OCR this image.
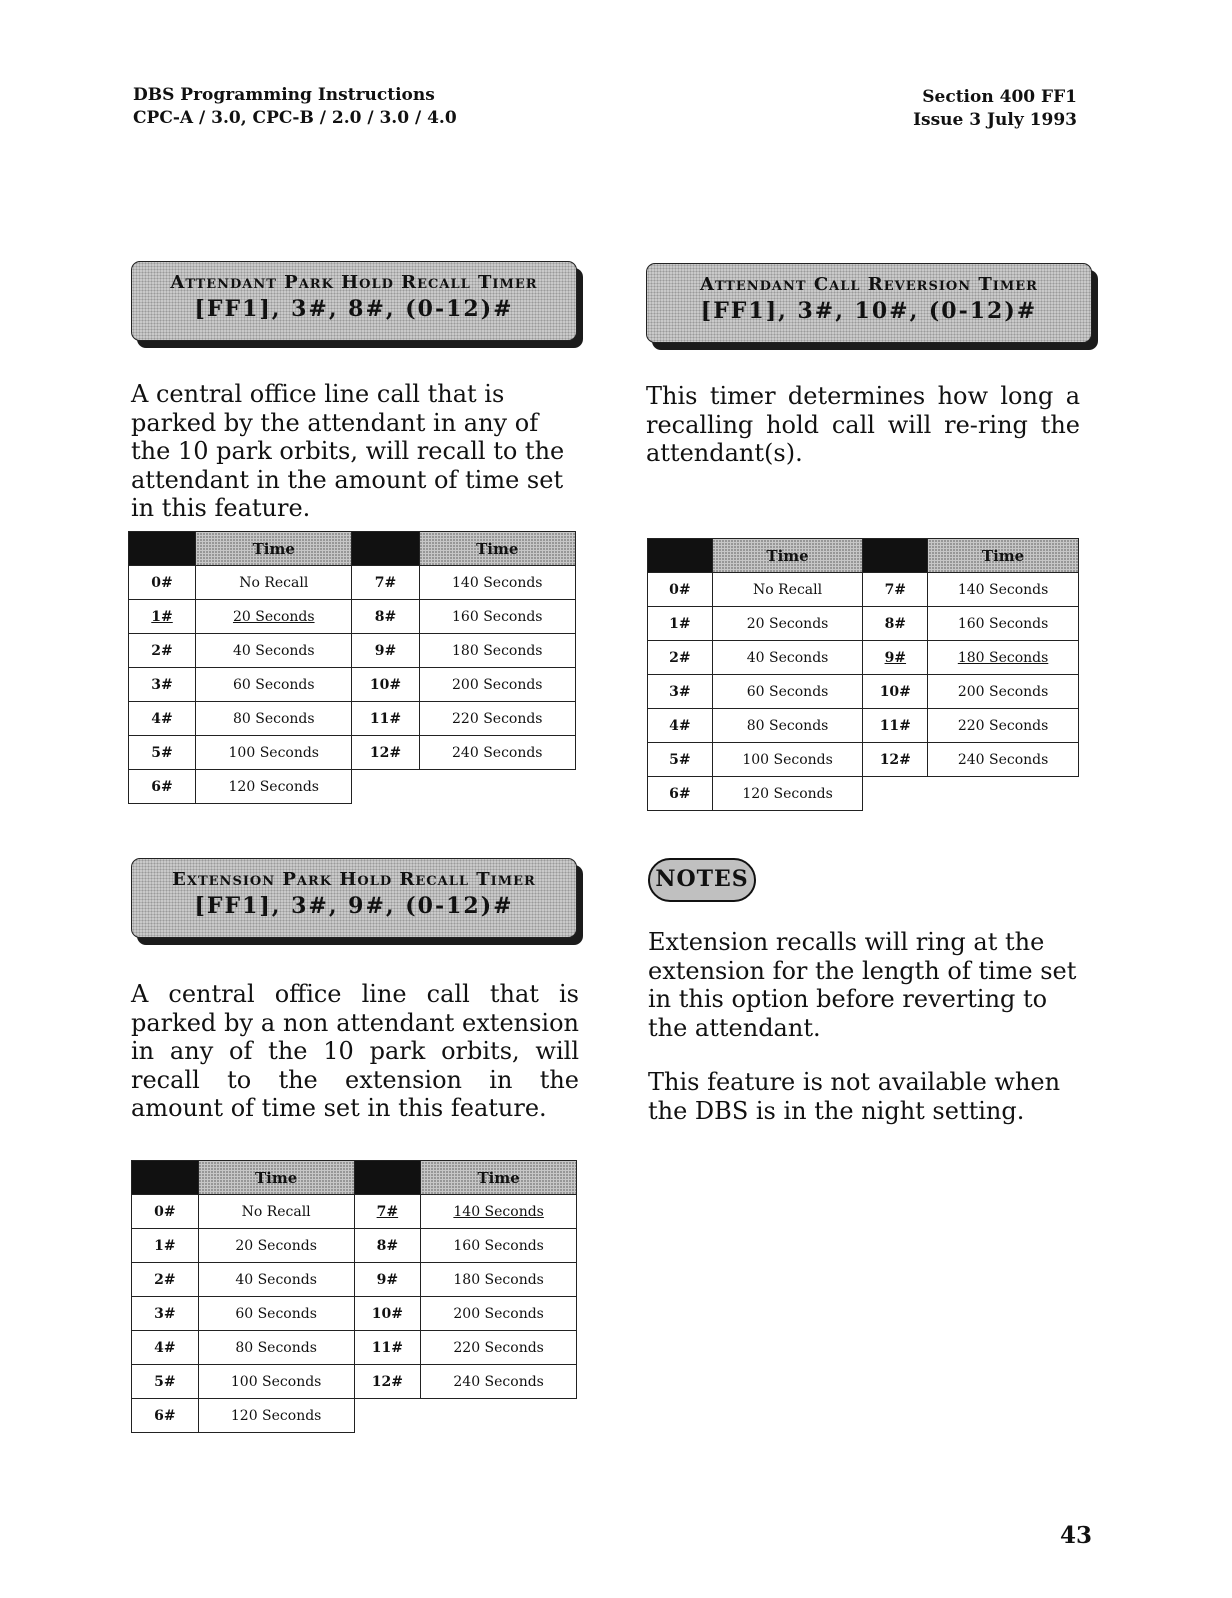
DBS Programming Instructions
CPC-A / 3.0, CPC-B / 2.0 / 3.0 / 4.0
Section 400 FF1
Issue 3 July 1993
Attendant Park Hold Recall Timer
[FF1], 3#, 8#, (0-12)#

A central office line call that is parked by the attendant in any of the 10 park orbits, will recall to the attendant in the amount of time set in this feature.

	Time		Time
0#	No Recall	7#	140 Seconds
1#	20 Seconds	8#	160 Seconds
2#	40 Seconds	9#	180 Seconds
3#	60 Seconds	10#	200 Seconds
4#	80 Seconds	11#	220 Seconds
5#	100 Seconds	12#	240 Seconds
6#	120 Seconds		
Attendant Call Reversion Timer
[FF1], 3#, 10#, (0-12)#

This timer determines how long a recalling hold call will re-ring the attendant(s).

	Time		Time
0#	No Recall	7#	140 Seconds
1#	20 Seconds	8#	160 Seconds
2#	40 Seconds	9#	180 Seconds
3#	60 Seconds	10#	200 Seconds
4#	80 Seconds	11#	220 Seconds
5#	100 Seconds	12#	240 Seconds
6#	120 Seconds		
Extension Park Hold Recall Timer
[FF1], 3#, 9#, (0-12)#

A central office line call that is parked by a non attendant extension in any of the 10 park orbits, will recall to the extension in the amount of time set in this feature.

	Time		Time
0#	No Recall	7#	140 Seconds
1#	20 Seconds	8#	160 Seconds
2#	40 Seconds	9#	180 Seconds
3#	60 Seconds	10#	200 Seconds
4#	80 Seconds	11#	220 Seconds
5#	100 Seconds	12#	240 Seconds
6#	120 Seconds		
NOTES

Extension recalls will ring at the extension for the length of time set in this option before reverting to the attendant.

This feature is not available when the DBS is in the night setting.

43
